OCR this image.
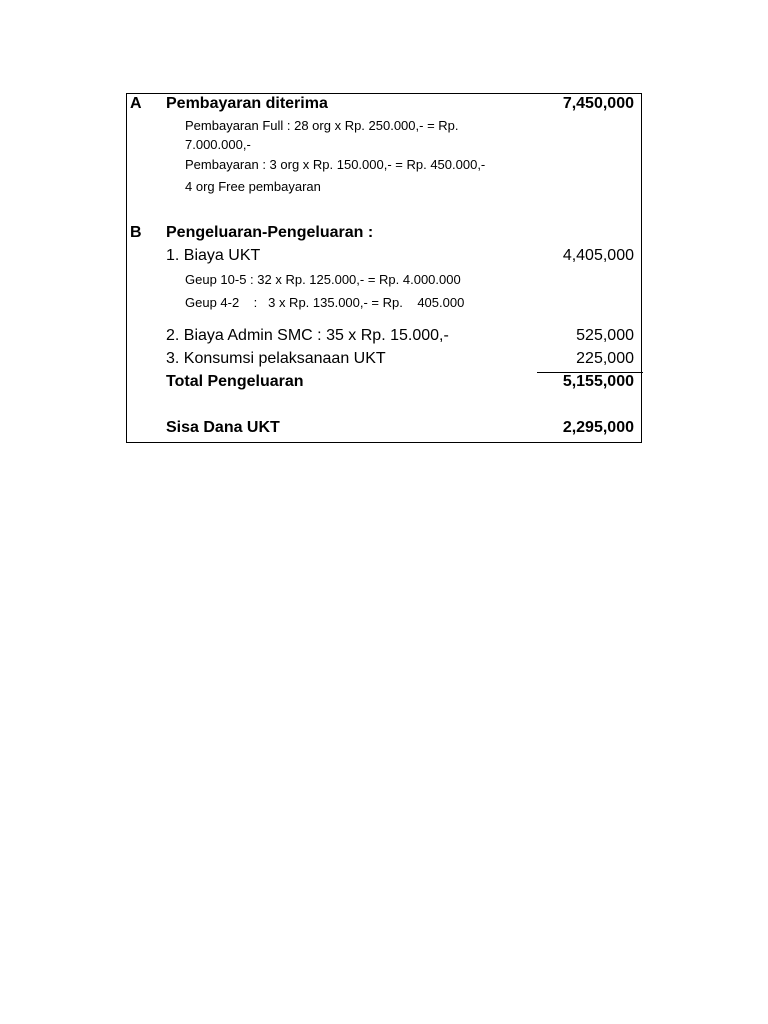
A Pembayaran diterima	7,450,000
Pembayaran Full : 28 org x Rp. 250.000,- = Rp.
7.000.000,-
Pembayaran : 3 org x Rp. 150.000,- = Rp. 450.000,-
4 org Free pembayaran
B Pengeluaran-Pengeluaran :
1. Biaya UKT	4,405,000
Geup 10-5 : 32 x Rp. 125.000,- = Rp. 4.000.000
Geup 4-2    :   3 x Rp. 135.000,- = Rp.    405.000
2. Biaya Admin SMC : 35 x Rp. 15.000,-	525,000
3. Konsumsi pelaksanaan UKT	225,000
Total Pengeluaran	5,155,000
Sisa Dana UKT	2,295,000
